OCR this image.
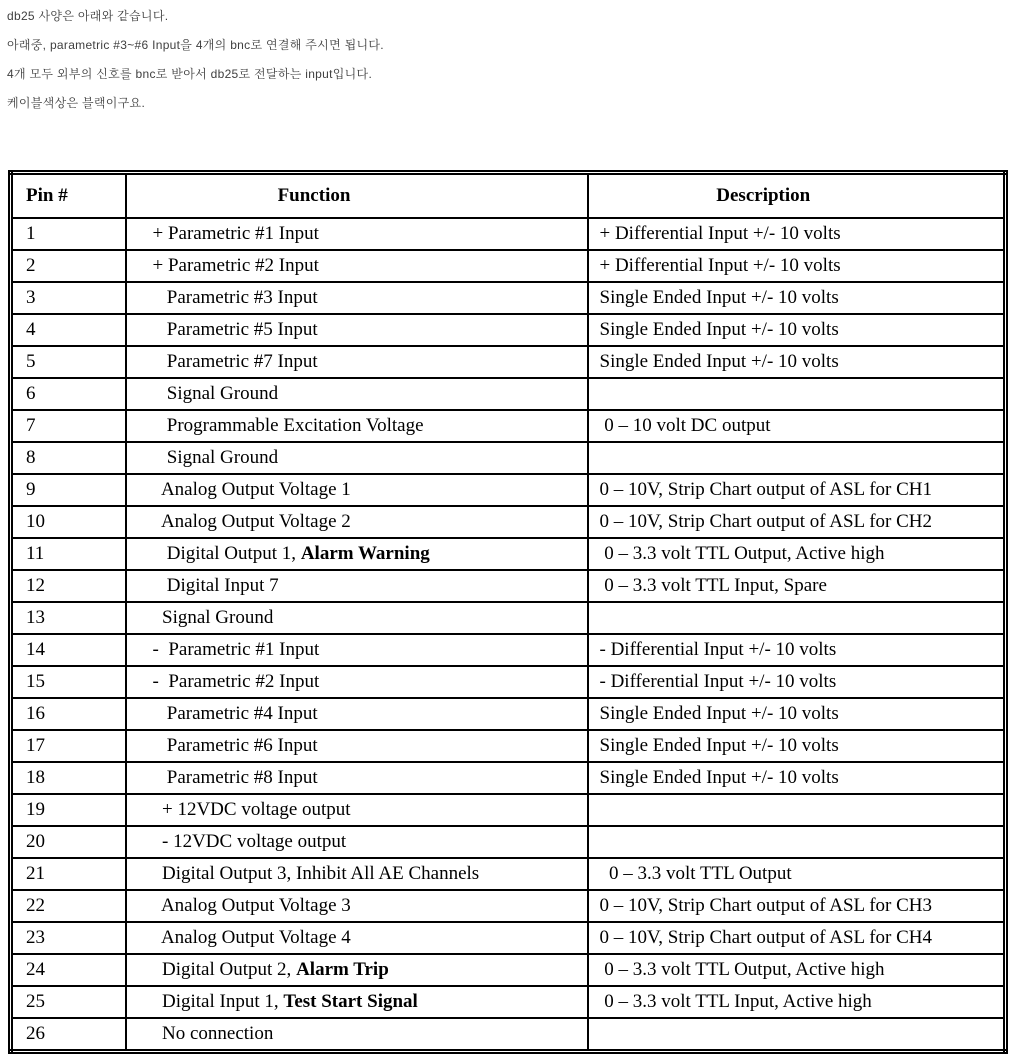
db25 사양은 아래와 같습니다.

아래중, parametric #3~#6 Input을 4개의 bnc로 연결해 주시면 됩니다.

4개 모두 외부의 신호를 bnc로 받아서 db25로 전달하는 input입니다.

케이블색상은 블랙이구요.

Pin #	Function	Description
1	+ Parametric #1 Input	+ Differential Input +/- 10 volts
2	+ Parametric #2 Input	+ Differential Input +/- 10 volts
3	Parametric #3 Input	Single Ended Input +/- 10 volts
4	Parametric #5 Input	Single Ended Input +/- 10 volts
5	Parametric #7 Input	Single Ended Input +/- 10 volts
6	Signal Ground	
7	Programmable Excitation Voltage	0 – 10 volt DC output
8	Signal Ground	
9	Analog Output Voltage 1	0 – 10V, Strip Chart output of ASL for CH1
10	Analog Output Voltage 2	0 – 10V, Strip Chart output of ASL for CH2
11	Digital Output 1, Alarm Warning	0 – 3.3 volt TTL Output, Active high
12	Digital Input 7	0 – 3.3 volt TTL Input, Spare
13	Signal Ground	
14	-  Parametric #1 Input	- Differential Input +/- 10 volts
15	-  Parametric #2 Input	- Differential Input +/- 10 volts
16	Parametric #4 Input	Single Ended Input +/- 10 volts
17	Parametric #6 Input	Single Ended Input +/- 10 volts
18	Parametric #8 Input	Single Ended Input +/- 10 volts
19	+ 12VDC voltage output	
20	- 12VDC voltage output	
21	Digital Output 3, Inhibit All AE Channels	0 – 3.3 volt TTL Output
22	Analog Output Voltage 3	0 – 10V, Strip Chart output of ASL for CH3
23	Analog Output Voltage 4	0 – 10V, Strip Chart output of ASL for CH4
24	Digital Output 2, Alarm Trip	0 – 3.3 volt TTL Output, Active high
25	Digital Input 1, Test Start Signal	0 – 3.3 volt TTL Input, Active high
26	No connection	
